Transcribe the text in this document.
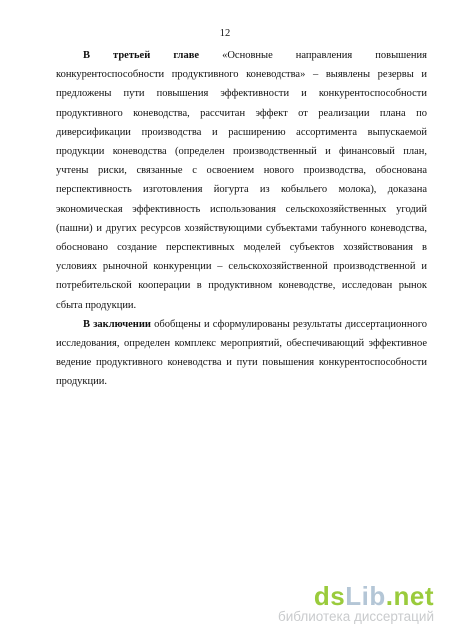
12

В третьей главе «Основные направления повышения конкурентоспособности продуктивного коневодства» – выявлены резервы и предложены пути повышения эффективности и конкурентоспособности продуктивного коневодства, рассчитан эффект от реализации плана по диверсификации производства и расширению ассортимента выпускаемой продукции коневодства (определен производственный и финансовый план, учтены риски, связанные с освоением нового производства, обоснована перспективность изготовления йогурта из кобыльего молока), доказана экономическая эффективность использования сельскохозяйственных угодий (пашни) и других ресурсов хозяйствующими субъектами табунного коневодства, обосновано создание перспективных моделей субъектов хозяйствования в условиях рыночной конкуренции – сельскохозяйственной производственной и потребительской кооперации в продуктивном коневодстве, исследован рынок сбыта продукции.

В заключении обобщены и сформулированы результаты диссертационного исследования, определен комплекс мероприятий, обеспечивающий эффективное ведение продуктивного коневодства и пути повышения конкурентоспособности продукции.

dsLib.net
библиотека диссертаций
